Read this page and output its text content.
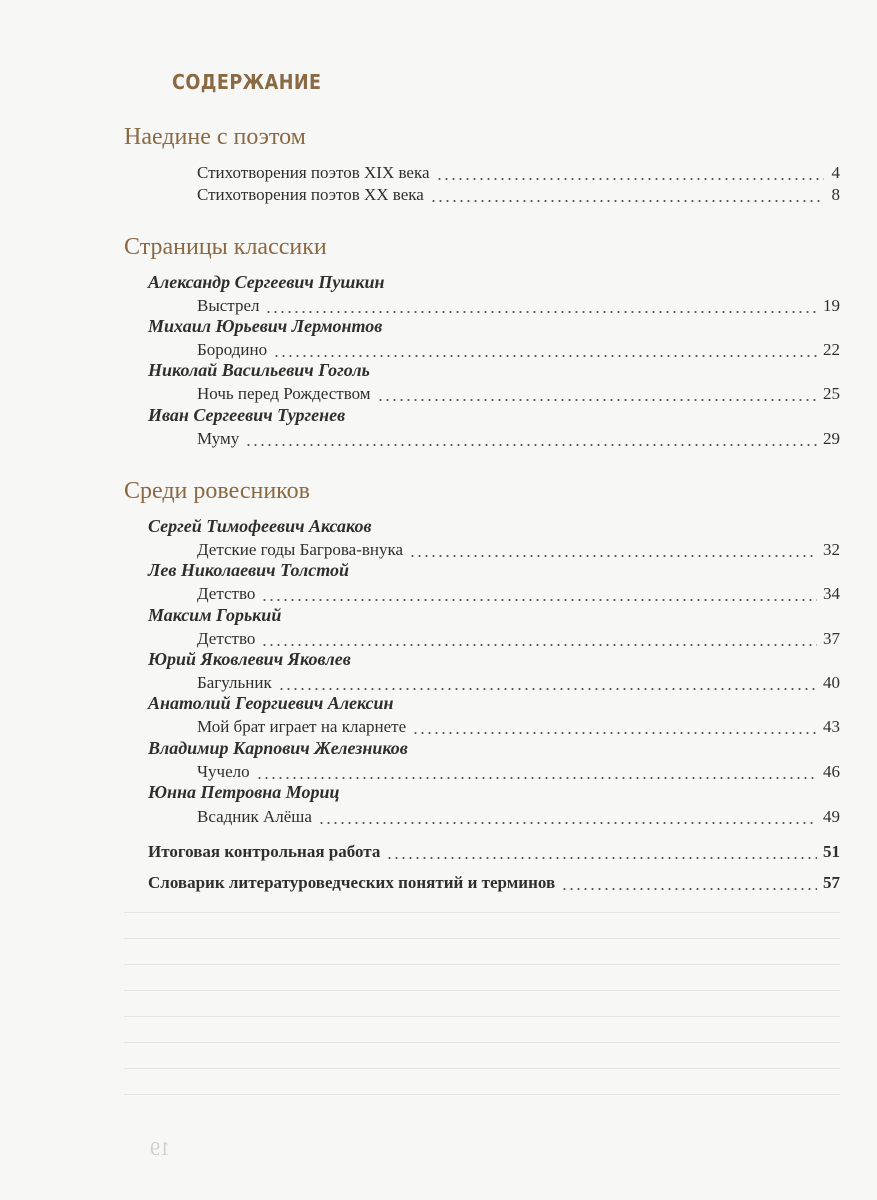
СОДЕРЖАНИЕ
Наедине с поэтом
Стихотворения поэтов XIX века	4
Стихотворения поэтов XX века	8
Страницы классики
Александр Сергеевич Пушкин
Выстрел	19
Михаил Юрьевич Лермонтов
Бородино	22
Николай Васильевич Гоголь
Ночь перед Рождеством	25
Иван Сергеевич Тургенев
Муму	29
Среди ровесников
Сергей Тимофеевич Аксаков
Детские годы Багрова-внука	32
Лев Николаевич Толстой
Детство	34
Максим Горький
Детство	37
Юрий Яковлевич Яковлев
Багульник	40
Анатолий Георгиевич Алексин
Мой брат играет на кларнете	43
Владимир Карпович Железников
Чучело	46
Юнна Петровна Мориц
Всадник Алёша	49
Итоговая контрольная работа	51
Словарик литературоведческих понятий и терминов	57
19
